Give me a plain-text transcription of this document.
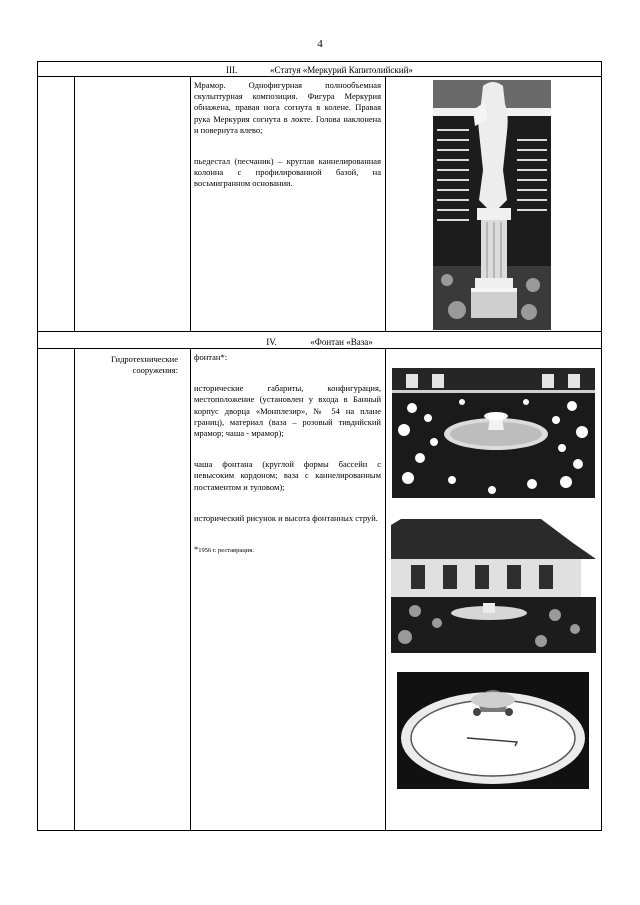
4
III.	«Статуя «Меркурий Капитолийский»

Мрамор. Однофигурная полнообъемная скульптурная композиция. Фигура Меркурия обнажена, правая нога согнута в колене. Правая рука Меркурия согнута в локте. Голова наклонена и повернута влево;

пьедестал (песчаник) – круглая каннелированная колонна с профилированной базой, на восьмигранном основании.

IV.	«Фонтан «Ваза»
Гидротехнические сооружения:

фонтан*:

исторические габариты, конфигурация, местоположение (установлен у входа в Банный корпус дворца «Монплезир», № 54 на плане границ), материал (ваза – розовый тивдийский мрамор; чаша - мрамор);

чаша фонтана (круглой формы бассейн с невысоким кордоном; ваза с каннелированным постаментом и туловом);

исторический рисунок и высота фонтанных струй.

*1956 г. реставрация.
